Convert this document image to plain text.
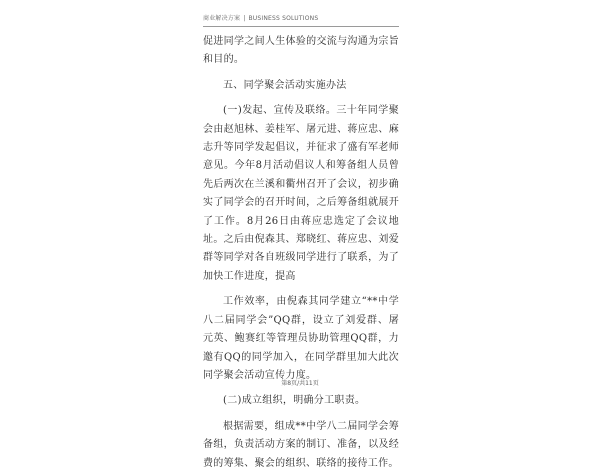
商业解决方案 | BUSINESS SOLUTIONS

促进同学之间人生体验的交流与沟通为宗旨和目的。

五、同学聚会活动实施办法

(一)发起、宣传及联络。三十年同学聚会由赵旭林、姜桂军、屠元进、蒋应忠、麻志升等同学发起倡议，并征求了盛有军老师意见。今年8月活动倡议人和筹备组人员曾先后两次在兰溪和衢州召开了会议，初步确实了同学会的召开时间，之后筹备组就展开了工作。8月26日由蒋应忠选定了会议地址。之后由倪森其、郑晓红、蒋应忠、刘爱群等同学对各自班级同学进行了联系，为了加快工作进度，提高

工作效率，由倪森其同学建立“**中学八二届同学会”QQ群，设立了刘爱群、屠元英、鲍赛红等管理员协助管理QQ群，力邀有QQ的同学加入，在同学群里加大此次同学聚会活动宣传力度。

(二)成立组织，明确分工职责。

根据需要，组成**中学八二届同学会筹备组，负责活动方案的制订、准备，以及经费的筹集、聚会的组织、联络的接待工作。

第8页/共11页
